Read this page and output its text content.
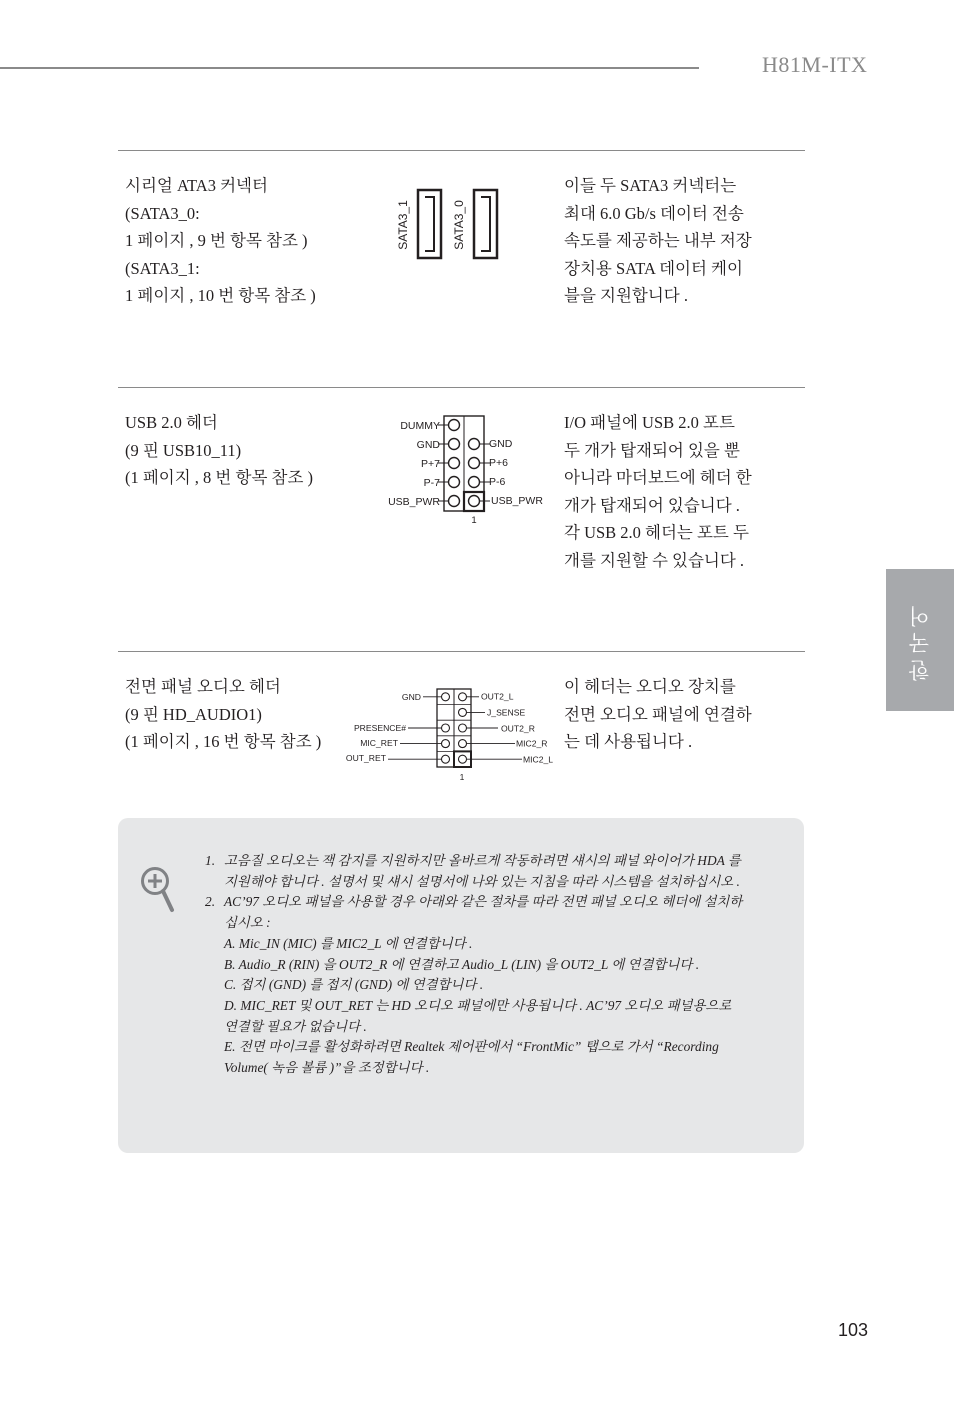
H81M-ITX
한국어
시리얼 ATA3 커넥터
(SATA3_0:
1 페이지 , 9 번 항목 참조 )
(SATA3_1:
1 페이지 , 10 번 항목 참조 )
SATA3_1	SATA3_0
이들 두 SATA3 커넥터는 최대 6.0 Gb/s 데이터 전송 속도를 제공하는 내부 저장 장치용 SATA 데이터 케이블을 지원합니다 .
USB 2.0 헤더
(9 핀 USB10_11)
(1 페이지 , 8 번 항목 참조 )
DUMMY
GND
P+7
P-7
USB_PWR
GND
P+6
P-6
USB_PWR
1
I/O 패널에 USB 2.0 포트 두 개가 탑재되어 있을 뿐 아니라 마더보드에 헤더 한 개가 탑재되어 있습니다 . 각 USB 2.0 헤더는 포트 두 개를 지원할 수 있습니다 .
전면 패널 오디오 헤더
(9 핀 HD_AUDIO1)
(1 페이지 , 16 번 항목 참조 )
GND
PRESENCE#
MIC_RET
OUT_RET
OUT2_L
J_SENSE
OUT2_R
MIC2_R
MIC2_L
1
이 헤더는 오디오 장치를 전면 오디오 패널에 연결하는 데 사용됩니다 .
1. 고음질 오디오는 잭 감지를 지원하지만 올바르게 작동하려면 섀시의 패널 와이어가 HDA 를 지원해야 합니다 . 설명서 및 섀시 설명서에 나와 있는 지침을 따라 시스템을 설치하십시오 .
2. AC’97 오디오 패널을 사용할 경우 아래와 같은 절차를 따라 전면 패널 오디오 헤더에 설치하십시오 :
A. Mic_IN (MIC) 를 MIC2_L 에 연결합니다 .
B. Audio_R (RIN) 을 OUT2_R 에 연결하고 Audio_L (LIN) 을 OUT2_L 에 연결합니다 .
C. 접지 (GND) 를 접지 (GND) 에 연결합니다 .
D. MIC_RET 및 OUT_RET 는 HD 오디오 패널에만 사용됩니다 . AC’97 오디오 패널용으로 연결할 필요가 없습니다 .
E. 전면 마이크를 활성화하려면 Realtek 제어판에서 “FrontMic” 탭으로 가서 “Recording Volume( 녹음 볼륨 )”을 조정합니다 .
103
